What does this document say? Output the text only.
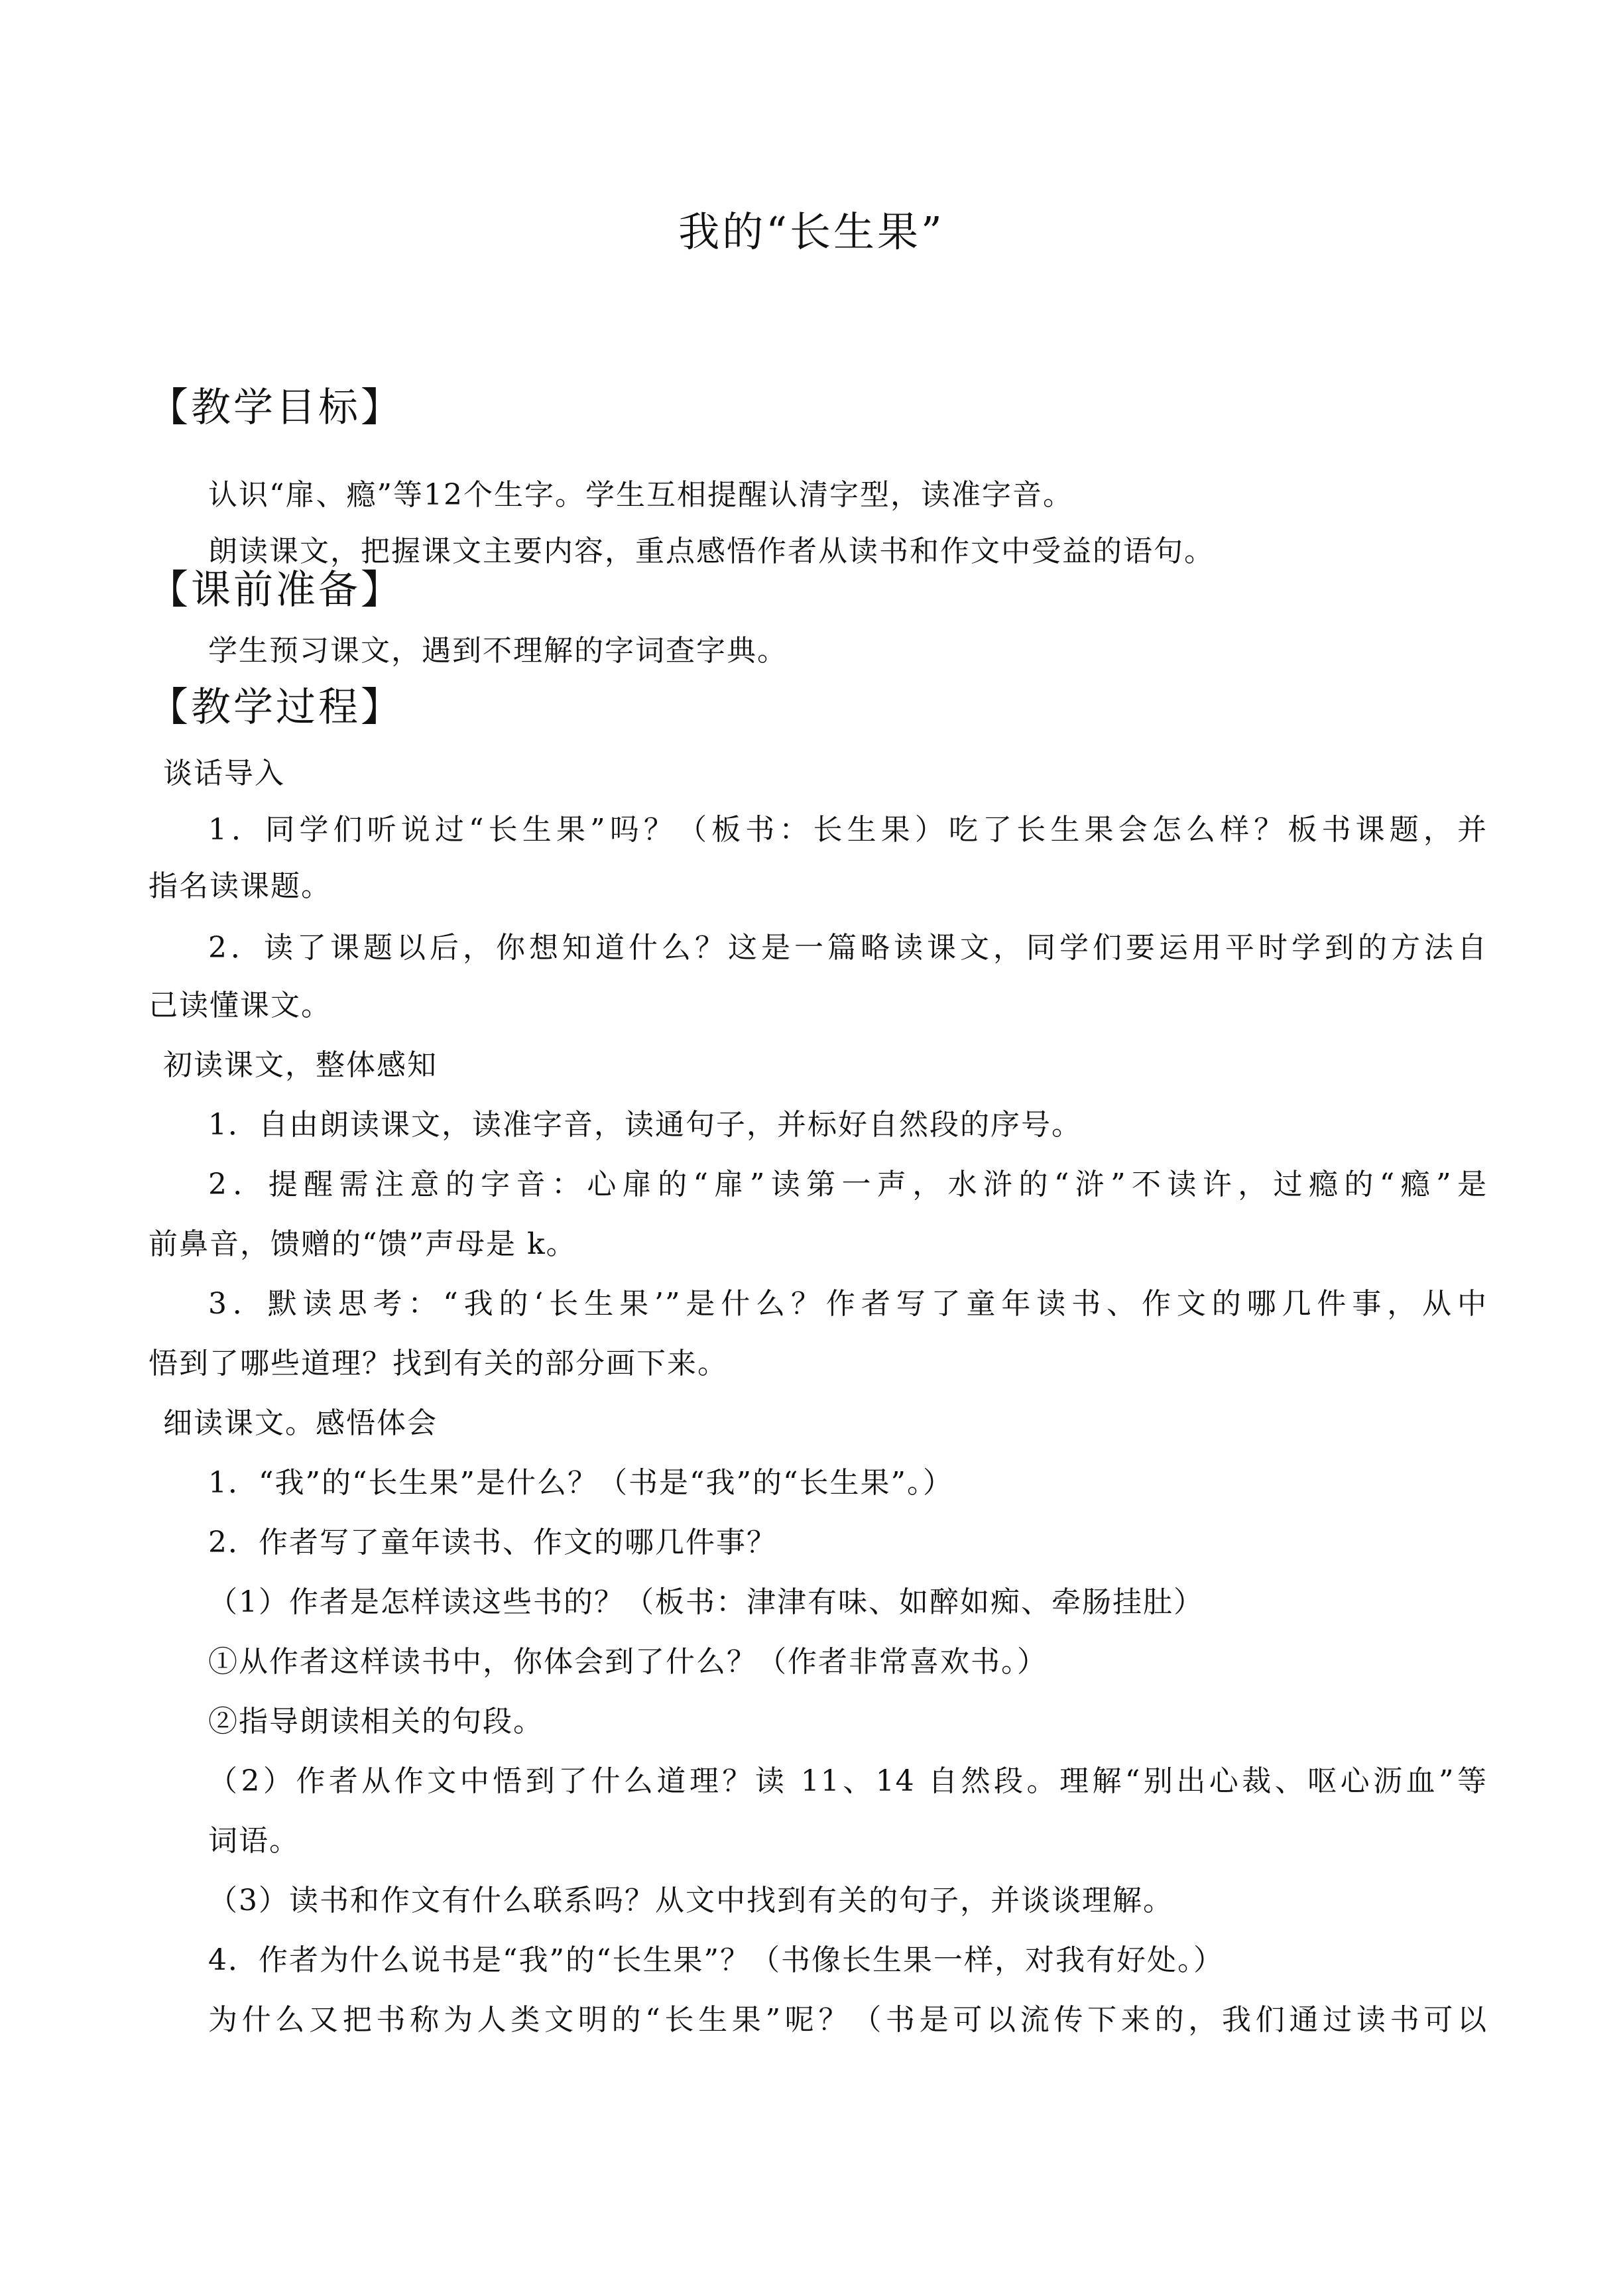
我的“长生果”
【教学目标】
认识“扉、瘾”等12个生字。学生互相提醒认清字型，读准字音。
朗读课文，把握课文主要内容，重点感悟作者从读书和作文中受益的语句。
【课前准备】
学生预习课文，遇到不理解的字词查字典。
【教学过程】
谈话导入
1．同学们听说过“长生果”吗？（板书：长生果）吃了长生果会怎么样？板书课题，并
指名读课题。
2．读了课题以后，你想知道什么？这是一篇略读课文，同学们要运用平时学到的方法自
己读懂课文。
初读课文，整体感知
1．自由朗读课文，读准字音，读通句子，并标好自然段的序号。
2．提醒需注意的字音：心扉的“扉”读第一声，水浒的“浒”不读许，过瘾的“瘾”是
前鼻音，馈赠的“馈”声母是 k。
3．默读思考：“我的‘长生果’”是什么？作者写了童年读书、作文的哪几件事，从中
悟到了哪些道理？找到有关的部分画下来。
细读课文。感悟体会
1．“我”的“长生果”是什么？（书是“我”的“长生果”。）
2．作者写了童年读书、作文的哪几件事？
（1）作者是怎样读这些书的？（板书：津津有味、如醉如痴、牵肠挂肚）
①从作者这样读书中，你体会到了什么？（作者非常喜欢书。）
②指导朗读相关的句段。
（2）作者从作文中悟到了什么道理？读 11、14 自然段。理解“别出心裁、呕心沥血”等
词语。
（3）读书和作文有什么联系吗？从文中找到有关的句子，并谈谈理解。
4．作者为什么说书是“我”的“长生果”？（书像长生果一样，对我有好处。）
为什么又把书称为人类文明的“长生果”呢？（书是可以流传下来的，我们通过读书可以
